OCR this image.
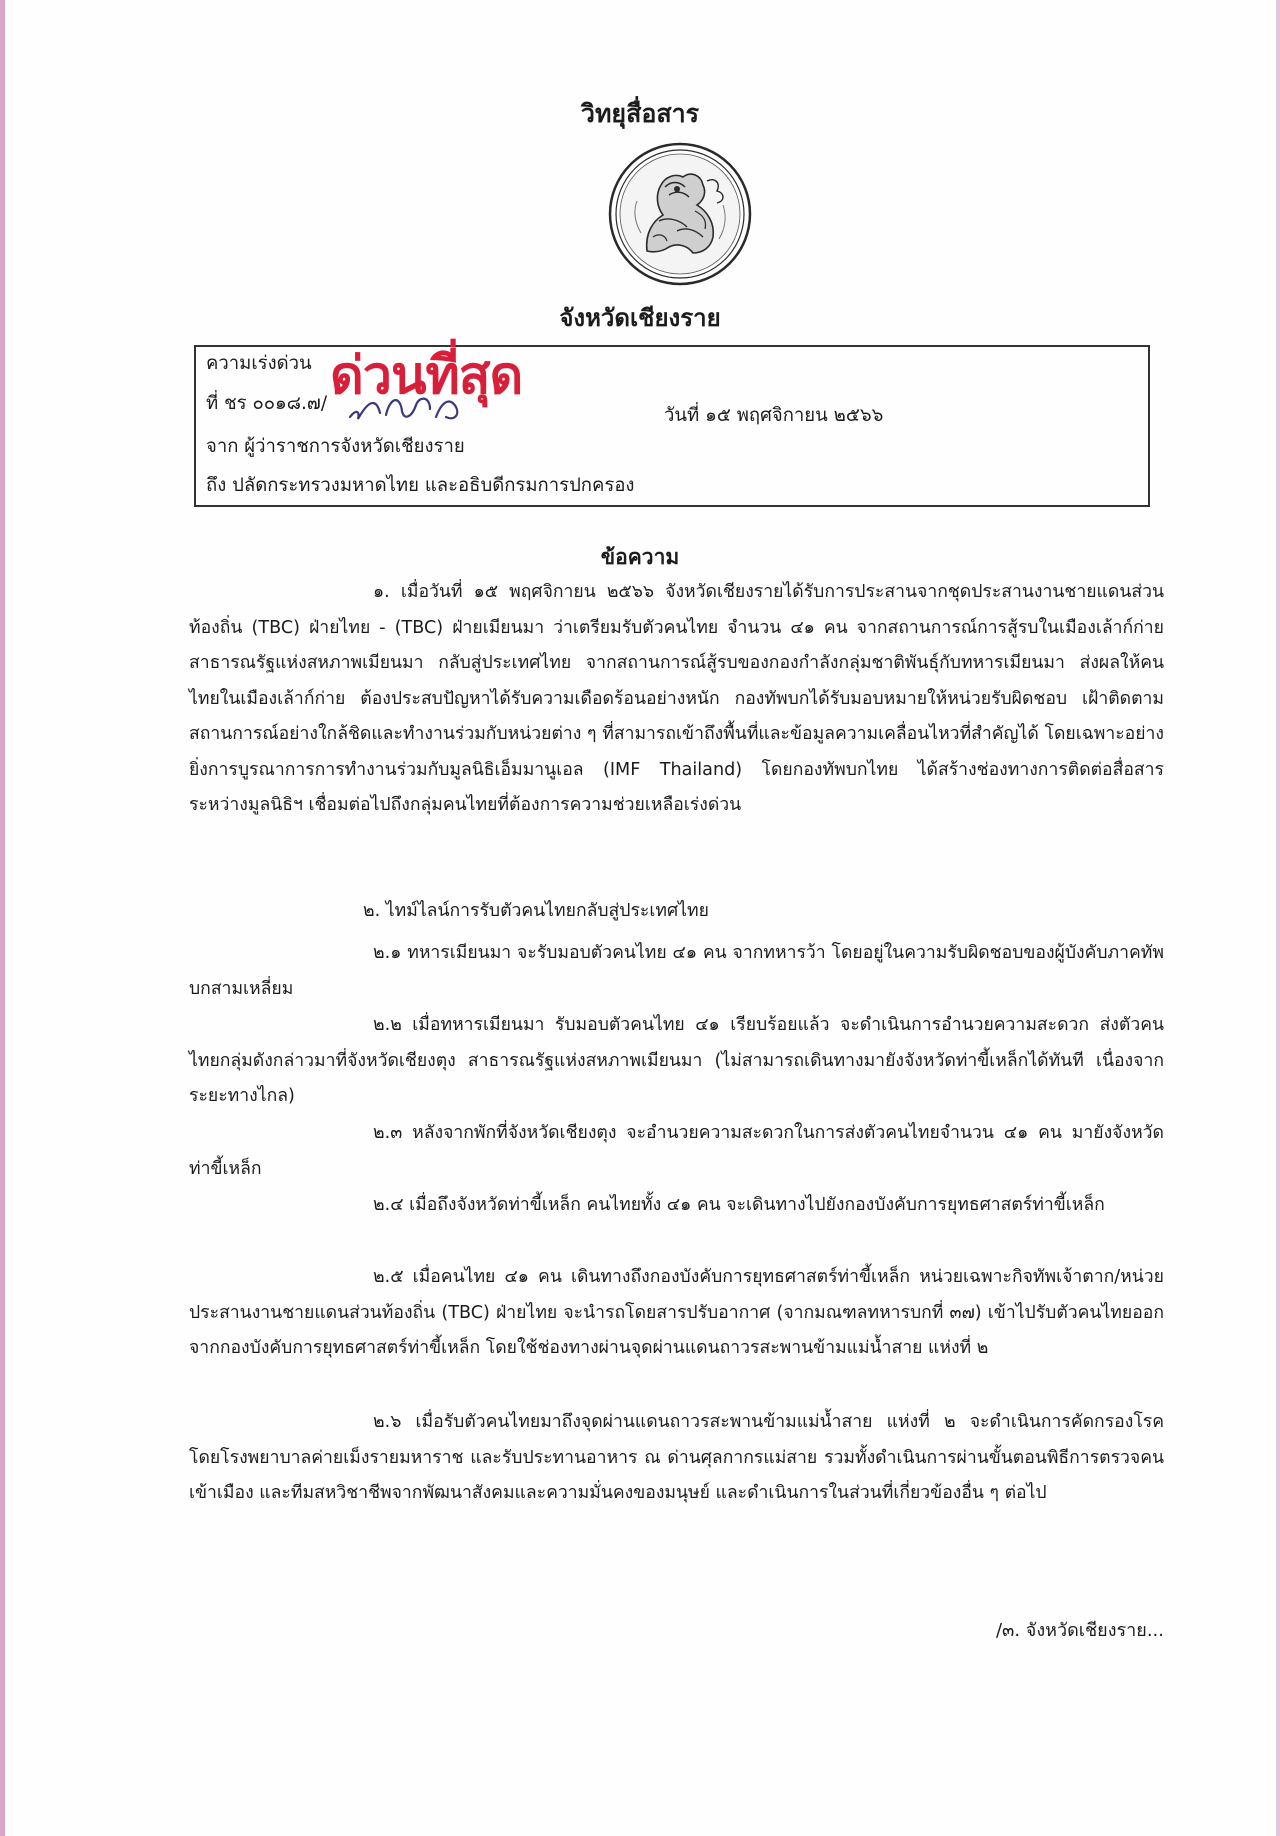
วิทยุสื่อสาร
จังหวัดเชียงราย
ความเร่งด่วน ด่วนที่สุด
ที่ ชร ๐๐๑๘.๗/
วันที่ ๑๕ พฤศจิกายน ๒๕๖๖
จาก ผู้ว่าราชการจังหวัดเชียงราย
ถึง ปลัดกระทรวงมหาดไทย และอธิบดีกรมการปกครอง
ข้อความ

๑. เมื่อวันที่ ๑๕ พฤศจิกายน ๒๕๖๖ จังหวัดเชียงรายได้รับการประสานจากชุดประสานงานชายแดนส่วนท้องถิ่น (TBC) ฝ่ายไทย - (TBC) ฝ่ายเมียนมา ว่าเตรียมรับตัวคนไทย จำนวน ๔๑ คน จากสถานการณ์การสู้รบในเมืองเล้าก์ก่าย สาธารณรัฐแห่งสหภาพเมียนมา กลับสู่ประเทศไทย จากสถานการณ์สู้รบของกองกำลังกลุ่มชาติพันธุ์กับทหารเมียนมา ส่งผลให้คนไทยในเมืองเล้าก์ก่าย ต้องประสบปัญหาได้รับความเดือดร้อนอย่างหนัก กองทัพบกได้รับมอบหมายให้หน่วยรับผิดชอบ เฝ้าติดตามสถานการณ์อย่างใกล้ชิดและทำงานร่วมกับหน่วยต่าง ๆ ที่สามารถเข้าถึงพื้นที่และข้อมูลความเคลื่อนไหวที่สำคัญได้ โดยเฉพาะอย่างยิ่งการบูรณาการการทำงานร่วมกับมูลนิธิเอ็มมานูเอล (IMF Thailand) โดยกองทัพบกไทย ได้สร้างช่องทางการติดต่อสื่อสารระหว่างมูลนิธิฯ เชื่อมต่อไปถึงกลุ่มคนไทยที่ต้องการความช่วยเหลือเร่งด่วน

๒. ไทม์ไลน์การรับตัวคนไทยกลับสู่ประเทศไทย

๒.๑ ทหารเมียนมา จะรับมอบตัวคนไทย ๔๑ คน จากทหารว้า โดยอยู่ในความรับผิดชอบของผู้บังคับภาคทัพบกสามเหลี่ยม

๒.๒ เมื่อทหารเมียนมา รับมอบตัวคนไทย ๔๑ เรียบร้อยแล้ว จะดำเนินการอำนวยความสะดวก ส่งตัวคนไทยกลุ่มดังกล่าวมาที่จังหวัดเชียงตุง สาธารณรัฐแห่งสหภาพเมียนมา (ไม่สามารถเดินทางมายังจังหวัดท่าขี้เหล็กได้ทันที เนื่องจากระยะทางไกล)

๒.๓ หลังจากพักที่จังหวัดเชียงตุง จะอำนวยความสะดวกในการส่งตัวคนไทยจำนวน ๔๑ คน มายังจังหวัดท่าขี้เหล็ก

๒.๔ เมื่อถึงจังหวัดท่าขี้เหล็ก คนไทยทั้ง ๔๑ คน จะเดินทางไปยังกองบังคับการยุทธศาสตร์ท่าขี้เหล็ก

๒.๕ เมื่อคนไทย ๔๑ คน เดินทางถึงกองบังคับการยุทธศาสตร์ท่าขี้เหล็ก หน่วยเฉพาะกิจทัพเจ้าตาก/หน่วยประสานงานชายแดนส่วนท้องถิ่น (TBC) ฝ่ายไทย จะนำรถโดยสารปรับอากาศ (จากมณฑลทหารบกที่ ๓๗) เข้าไปรับตัวคนไทยออกจากกองบังคับการยุทธศาสตร์ท่าขี้เหล็ก โดยใช้ช่องทางผ่านจุดผ่านแดนถาวรสะพานข้ามแม่น้ำสาย แห่งที่ ๒

๒.๖ เมื่อรับตัวคนไทยมาถึงจุดผ่านแดนถาวรสะพานข้ามแม่น้ำสาย แห่งที่ ๒ จะดำเนินการคัดกรองโรค โดยโรงพยาบาลค่ายเม็งรายมหาราช และรับประทานอาหาร ณ ด่านศุลกากรแม่สาย รวมทั้งดำเนินการผ่านขั้นตอนพิธีการตรวจคนเข้าเมือง และทีมสหวิชาชีพจากพัฒนาสังคมและความมั่นคงของมนุษย์ และดำเนินการในส่วนที่เกี่ยวข้องอื่น ๆ ต่อไป

/๓. จังหวัดเชียงราย...
